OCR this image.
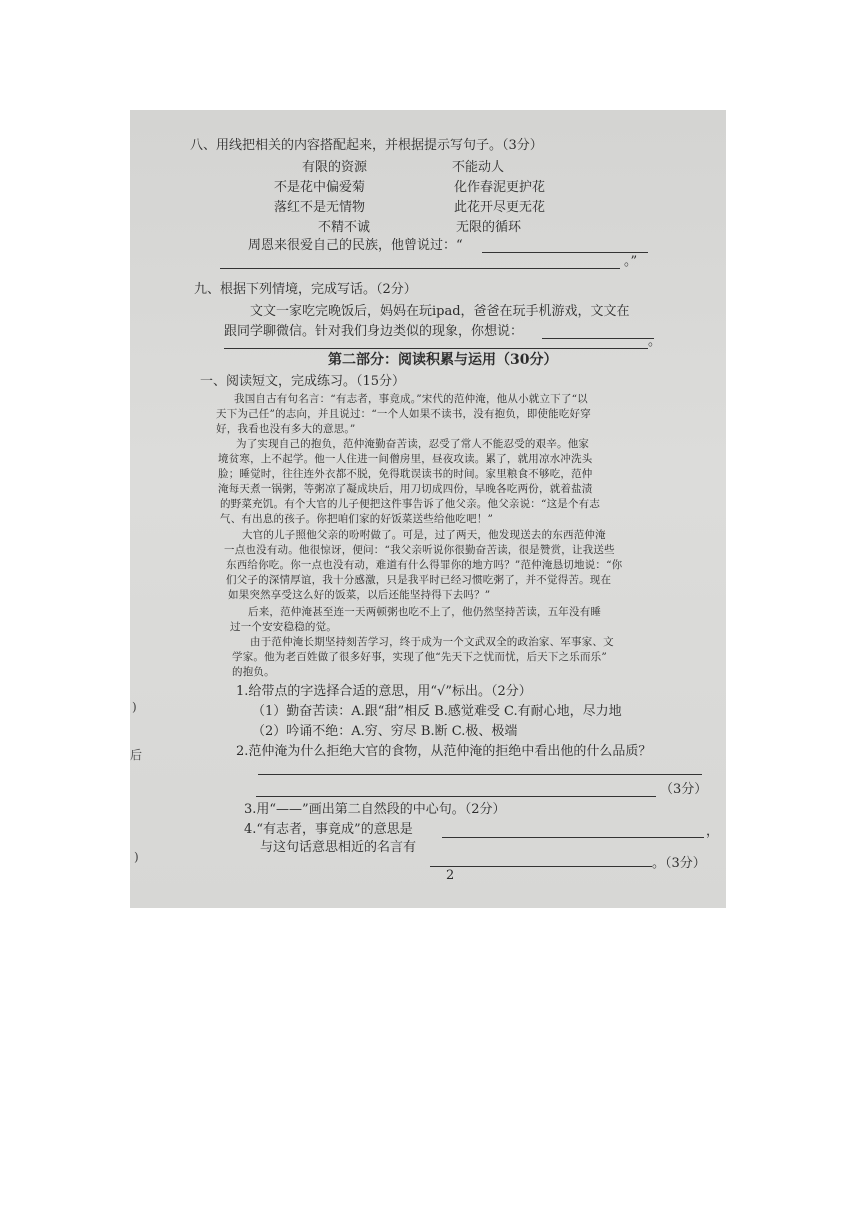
八、用线把相关的内容搭配起来，并根据提示写句子。（3分）
有限的资源
不是花中偏爱菊
落红不是无情物
不精不诚
不能动人
化作春泥更护花
此花开尽更无花
无限的循环
周恩来很爱自己的民族，他曾说过：“
。”
九、根据下列情境，完成写话。（2分）
文文一家吃完晚饭后，妈妈在玩ipad，爸爸在玩手机游戏，文文在
跟同学聊微信。针对我们身边类似的现象，你想说：
。
第二部分：阅读积累与运用（30分）
一、阅读短文，完成练习。（15分）
我国自古有句名言：“有志者，事竟成。”宋代的范仲淹，他从小就立下了“以
天下为己任”的志向，并且说过：“一个人如果不读书，没有抱负，即使能吃好穿
好，我看也没有多大的意思。”
为了实现自己的抱负，范仲淹勤奋苦读，忍受了常人不能忍受的艰辛。他家
境贫寒，上不起学。他一人住进一间僧房里，昼夜攻读。累了，就用凉水冲洗头
脸；睡觉时，往往连外衣都不脱，免得耽误读书的时间。家里粮食不够吃，范仲
淹每天煮一锅粥，等粥凉了凝成块后，用刀切成四份，早晚各吃两份，就着盐渍
的野菜充饥。有个大官的儿子便把这件事告诉了他父亲。他父亲说：“这是个有志
气、有出息的孩子。你把咱们家的好饭菜送些给他吃吧！”
大官的儿子照他父亲的吩咐做了。可是，过了两天，他发现送去的东西范仲淹
一点也没有动。他很惊讶，便问：“我父亲听说你很勤奋苦读，很是赞赏，让我送些
东西给你吃。你一点也没有动，难道有什么得罪你的地方吗？”范仲淹恳切地说：“你
们父子的深情厚谊，我十分感激，只是我平时已经习惯吃粥了，并不觉得苦。现在
如果突然享受这么好的饭菜，以后还能坚持得下去吗？”
后来，范仲淹甚至连一天两顿粥也吃不上了，他仍然坚持苦读，五年没有睡
过一个安安稳稳的觉。
由于范仲淹长期坚持刻苦学习，终于成为一个文武双全的政治家、军事家、文
学家。他为老百姓做了很多好事，实现了他“先天下之忧而忧，后天下之乐而乐”
的抱负。
1.给带点的字选择合适的意思，用“√”标出。（2分）
（1）勤奋苦读：A.跟“甜”相反 B.感觉难受 C.有耐心地，尽力地
（2）吟诵不绝：A.穷、穷尽 B.断 C.极、极端
2.范仲淹为什么拒绝大官的食物，从范仲淹的拒绝中看出他的什么品质？
（3分）
3.用“——”画出第二自然段的中心句。（2分）
4.“有志者，事竟成”的意思是	，
与这句话意思相近的名言有
。（3分）
2
)
后
)
